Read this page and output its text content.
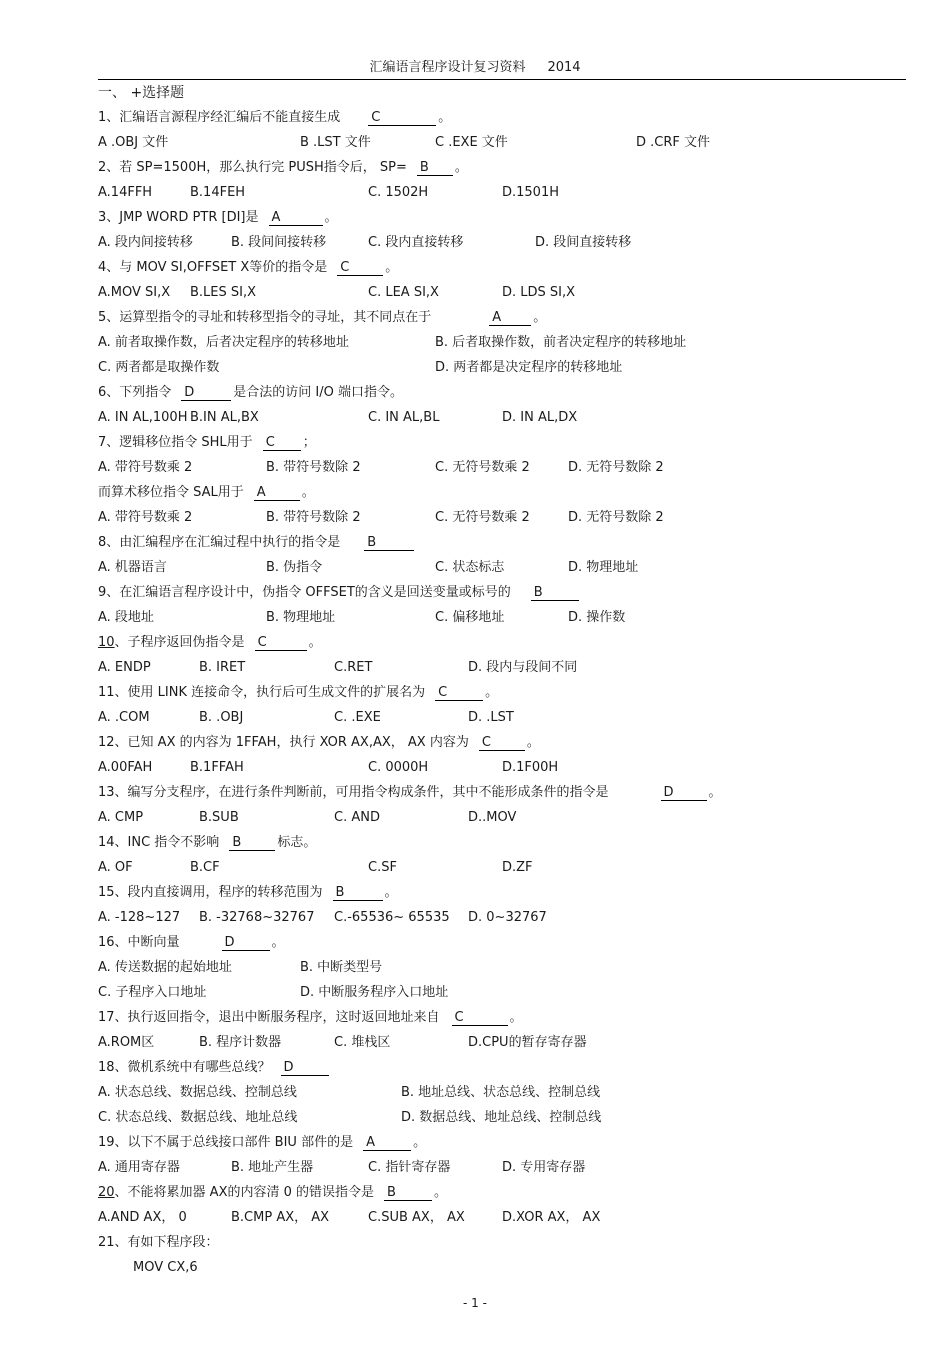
汇编语言程序设计复习资料 2014
一、 +选择题
1、汇编语言源程序经汇编后不能直接生成 C	。
A .OBJ 文件	B .LST 文件	C .EXE 文件	D .CRF 文件
2、若 SP=1500H，那么执行完 PUSH指令后， SP= B 。
A.14FFH	B.14FEH	C. 1502H	D.1501H
3、JMP WORD PTR [DI]是 A	。
A. 段内间接转移	B. 段间间接转移	C. 段内直接转移	D. 段间直接转移
4、与 MOV SI,OFFSET X等价的指令是 C	。
A.MOV SI,X B.LES SI,X	C. LEA SI,X	D. LDS SI,X
5、运算型指令的寻址和转移型指令的寻址，其不同点在于	A 。
A. 前者取操作数，后者决定程序的转移地址	B. 后者取操作数，前者决定程序的转移地址
C. 两者都是取操作数	D. 两者都是决定程序的转移地址
6、下列指令 D	是合法的访问 I/O 端口指令。
A. IN AL,100H B.IN AL,BX	C. IN AL,BL	D. IN AL,DX
7、逻辑移位指令 SHL用于 C ；
A. 带符号数乘 2	B. 带符号数除 2	C. 无符号数乘 2	D. 无符号数除 2
而算术移位指令 SAL用于 A	。
A. 带符号数乘 2	B. 带符号数除 2	C. 无符号数乘 2	D. 无符号数除 2
8、由汇编程序在汇编过程中执行的指令是 B
A. 机器语言	B. 伪指令	C. 状态标志	D. 物理地址
9、在汇编语言程序设计中，伪指令 OFFSET的含义是回送变量或标号的 B
A. 段地址	B. 物理地址	C. 偏移地址	D. 操作数
10、子程序返回伪指令是 C	。
A. ENDP	B. IRET	C.RET	D. 段内与段间不同
11、使用 LINK 连接命令，执行后可生成文件的扩展名为 C	。
A. .COM	B. .OBJ	C. .EXE	D. .LST
12、已知 AX 的内容为 1FFAH，执行 XOR AX,AX， AX 内容为 C	。
A.00FAH	B.1FFAH	C. 0000H	D.1F00H
13、编写分支程序，在进行条件判断前，可用指令构成条件，其中不能形成条件的指令是	D	。
A. CMP	B.SUB	C. AND	D..MOV
14、INC 指令不影响 B	标志。
A. OF	B.CF	C.SF	D.ZF
15、段内直接调用，程序的转移范围为 B	。
A. -128~127 B. -32768~32767 C.-65536~ 65535 D. 0~32767
16、中断向量	D	。
A. 传送数据的起始地址	B. 中断类型号
C. 子程序入口地址	D. 中断服务程序入口地址
17、执行返回指令，退出中断服务程序，这时返回地址来自 C	。
A.ROM区	B. 程序计数器	C. 堆栈区	D.CPU的暂存寄存器
18、微机系统中有哪些总线？ D
A. 状态总线、数据总线、控制总线	B. 地址总线、状态总线、控制总线
C. 状态总线、数据总线、地址总线	D. 数据总线、地址总线、控制总线
19、以下不属于总线接口部件 BIU 部件的是 A	。
A. 通用寄存器	B. 地址产生器	C. 指针寄存器	D. 专用寄存器
20、不能将累加器 AX的内容清 0 的错误指令是 B	。
A.AND AX， 0	B.CMP AX， AX	C.SUB AX， AX	D.XOR AX， AX
21、有如下程序段：
MOV CX,6
- 1 -
